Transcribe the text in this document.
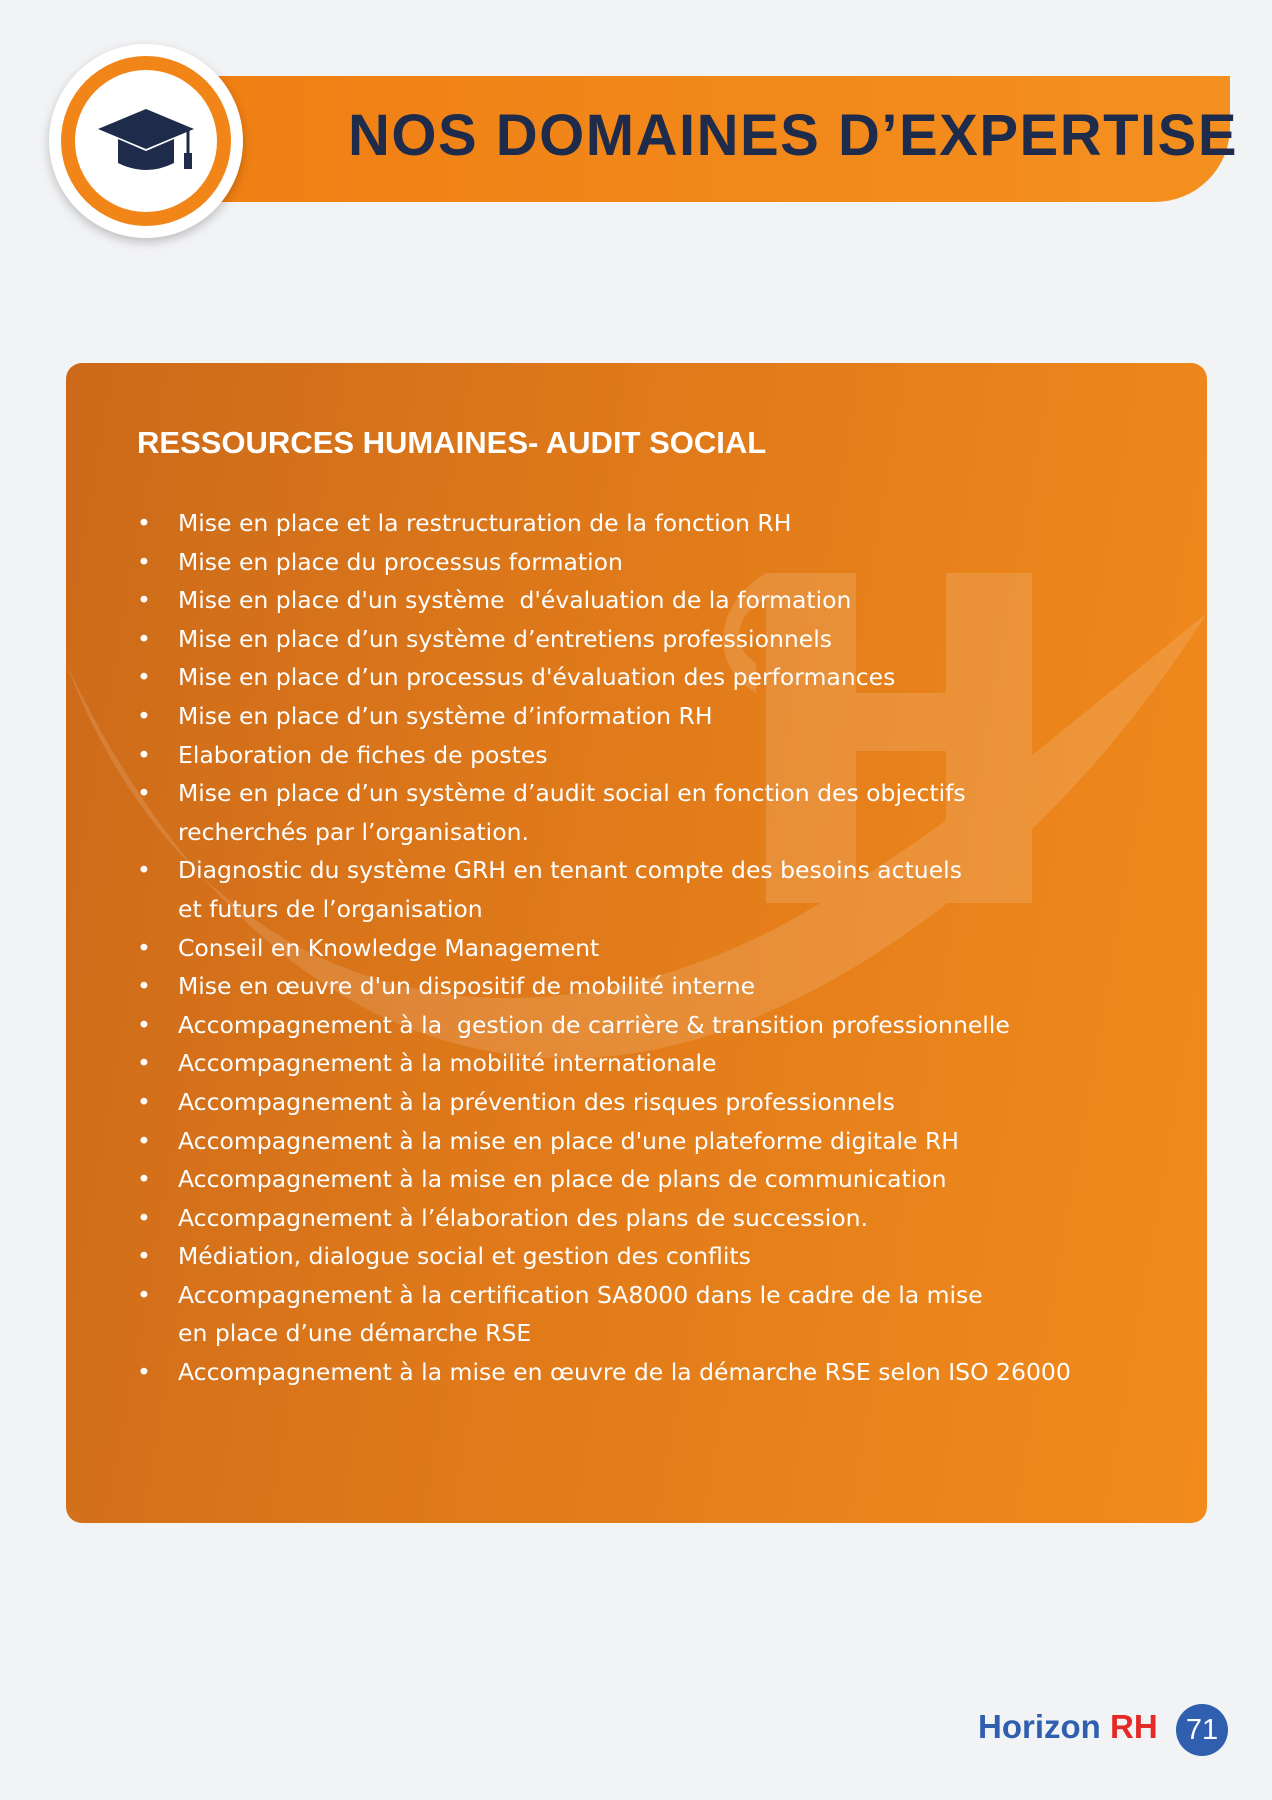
NOS DOMAINES D’EXPERTISE
RESSOURCES HUMAINES- AUDIT SOCIAL
• Mise en place et la restructuration de la fonction RH
• Mise en place du processus formation
• Mise en place d'un système  d'évaluation de la formation
• Mise en place d’un système d’entretiens professionnels
• Mise en place d’un processus d'évaluation des performances
• Mise en place d’un système d’information RH
• Elaboration de fiches de postes
• Mise en place d’un système d’audit social en fonction des objectifs
recherchés par l’organisation.
• Diagnostic du système GRH en tenant compte des besoins actuels
et futurs de l’organisation
• Conseil en Knowledge Management
• Mise en œuvre d'un dispositif de mobilité interne
• Accompagnement à la  gestion de carrière & transition professionnelle
• Accompagnement à la mobilité internationale
• Accompagnement à la prévention des risques professionnels
• Accompagnement à la mise en place d'une plateforme digitale RH
• Accompagnement à la mise en place de plans de communication
• Accompagnement à l’élaboration des plans de succession.
• Médiation, dialogue social et gestion des conflits
• Accompagnement à la certification SA8000 dans le cadre de la mise
en place d’une démarche RSE
• Accompagnement à la mise en œuvre de la démarche RSE selon ISO 26000
Horizon RH 71
